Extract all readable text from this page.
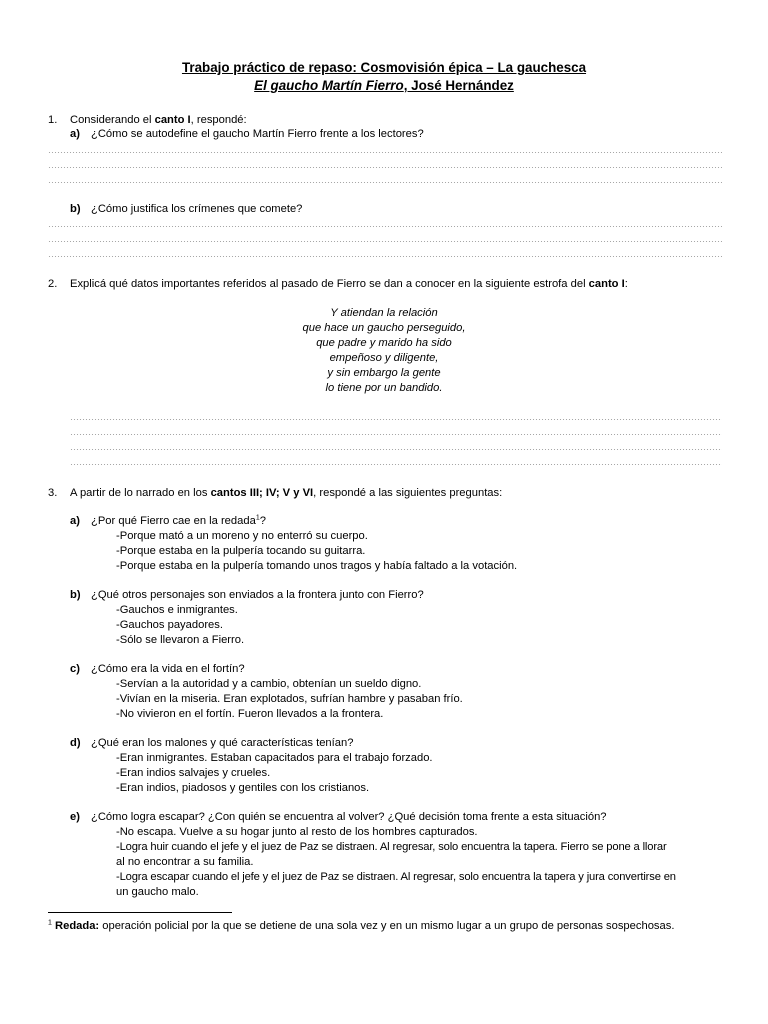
Trabajo práctico de repaso: Cosmovisión épica – La gauchesca
El gaucho Martín Fierro, José Hernández
1. Considerando el canto I, respondé:
a) ¿Cómo se autodefine el gaucho Martín Fierro frente a los lectores?
b) ¿Cómo justifica los crímenes que comete?
2. Explicá qué datos importantes referidos al pasado de Fierro se dan a conocer en la siguiente estrofa del canto I:
Y atiendan la relación
que hace un gaucho perseguido,
que padre y marido ha sido
empeñoso y diligente,
y sin embargo la gente
lo tiene por un bandido.
3. A partir de lo narrado en los cantos III; IV; V y VI, respondé a las siguientes preguntas:
a) ¿Por qué Fierro cae en la redada$^1$?
-Porque mató a un moreno y no enterró su cuerpo.
-Porque estaba en la pulpería tocando su guitarra.
-Porque estaba en la pulpería tomando unos tragos y había faltado a la votación.
b) ¿Qué otros personajes son enviados a la frontera junto con Fierro?
-Gauchos e inmigrantes.
-Gauchos payadores.
-Sólo se llevaron a Fierro.
c) ¿Cómo era la vida en el fortín?
-Servían a la autoridad y a cambio, obtenían un sueldo digno.
-Vivían en la miseria. Eran explotados, sufrían hambre y pasaban frío.
-No vivieron en el fortín. Fueron llevados a la frontera.
d) ¿Qué eran los malones y qué características tenían?
-Eran inmigrantes. Estaban capacitados para el trabajo forzado.
-Eran indios salvajes y crueles.
-Eran indios, piadosos y gentiles con los cristianos.
e) ¿Cómo logra escapar? ¿Con quién se encuentra al volver? ¿Qué decisión toma frente a esta situación?
-No escapa. Vuelve a su hogar junto al resto de los hombres capturados.
-Logra huir cuando el jefe y el juez de Paz se distraen. Al regresar, solo encuentra la tapera. Fierro se pone a llorar
al no encontrar a su familia.
-Logra escapar cuando el jefe y el juez de Paz se distraen. Al regresar, solo encuentra la tapera y jura convertirse en
un gaucho malo.
$^1$ Redada: operación policial por la que se detiene de una sola vez y en un mismo lugar a un grupo de personas sospechosas.
